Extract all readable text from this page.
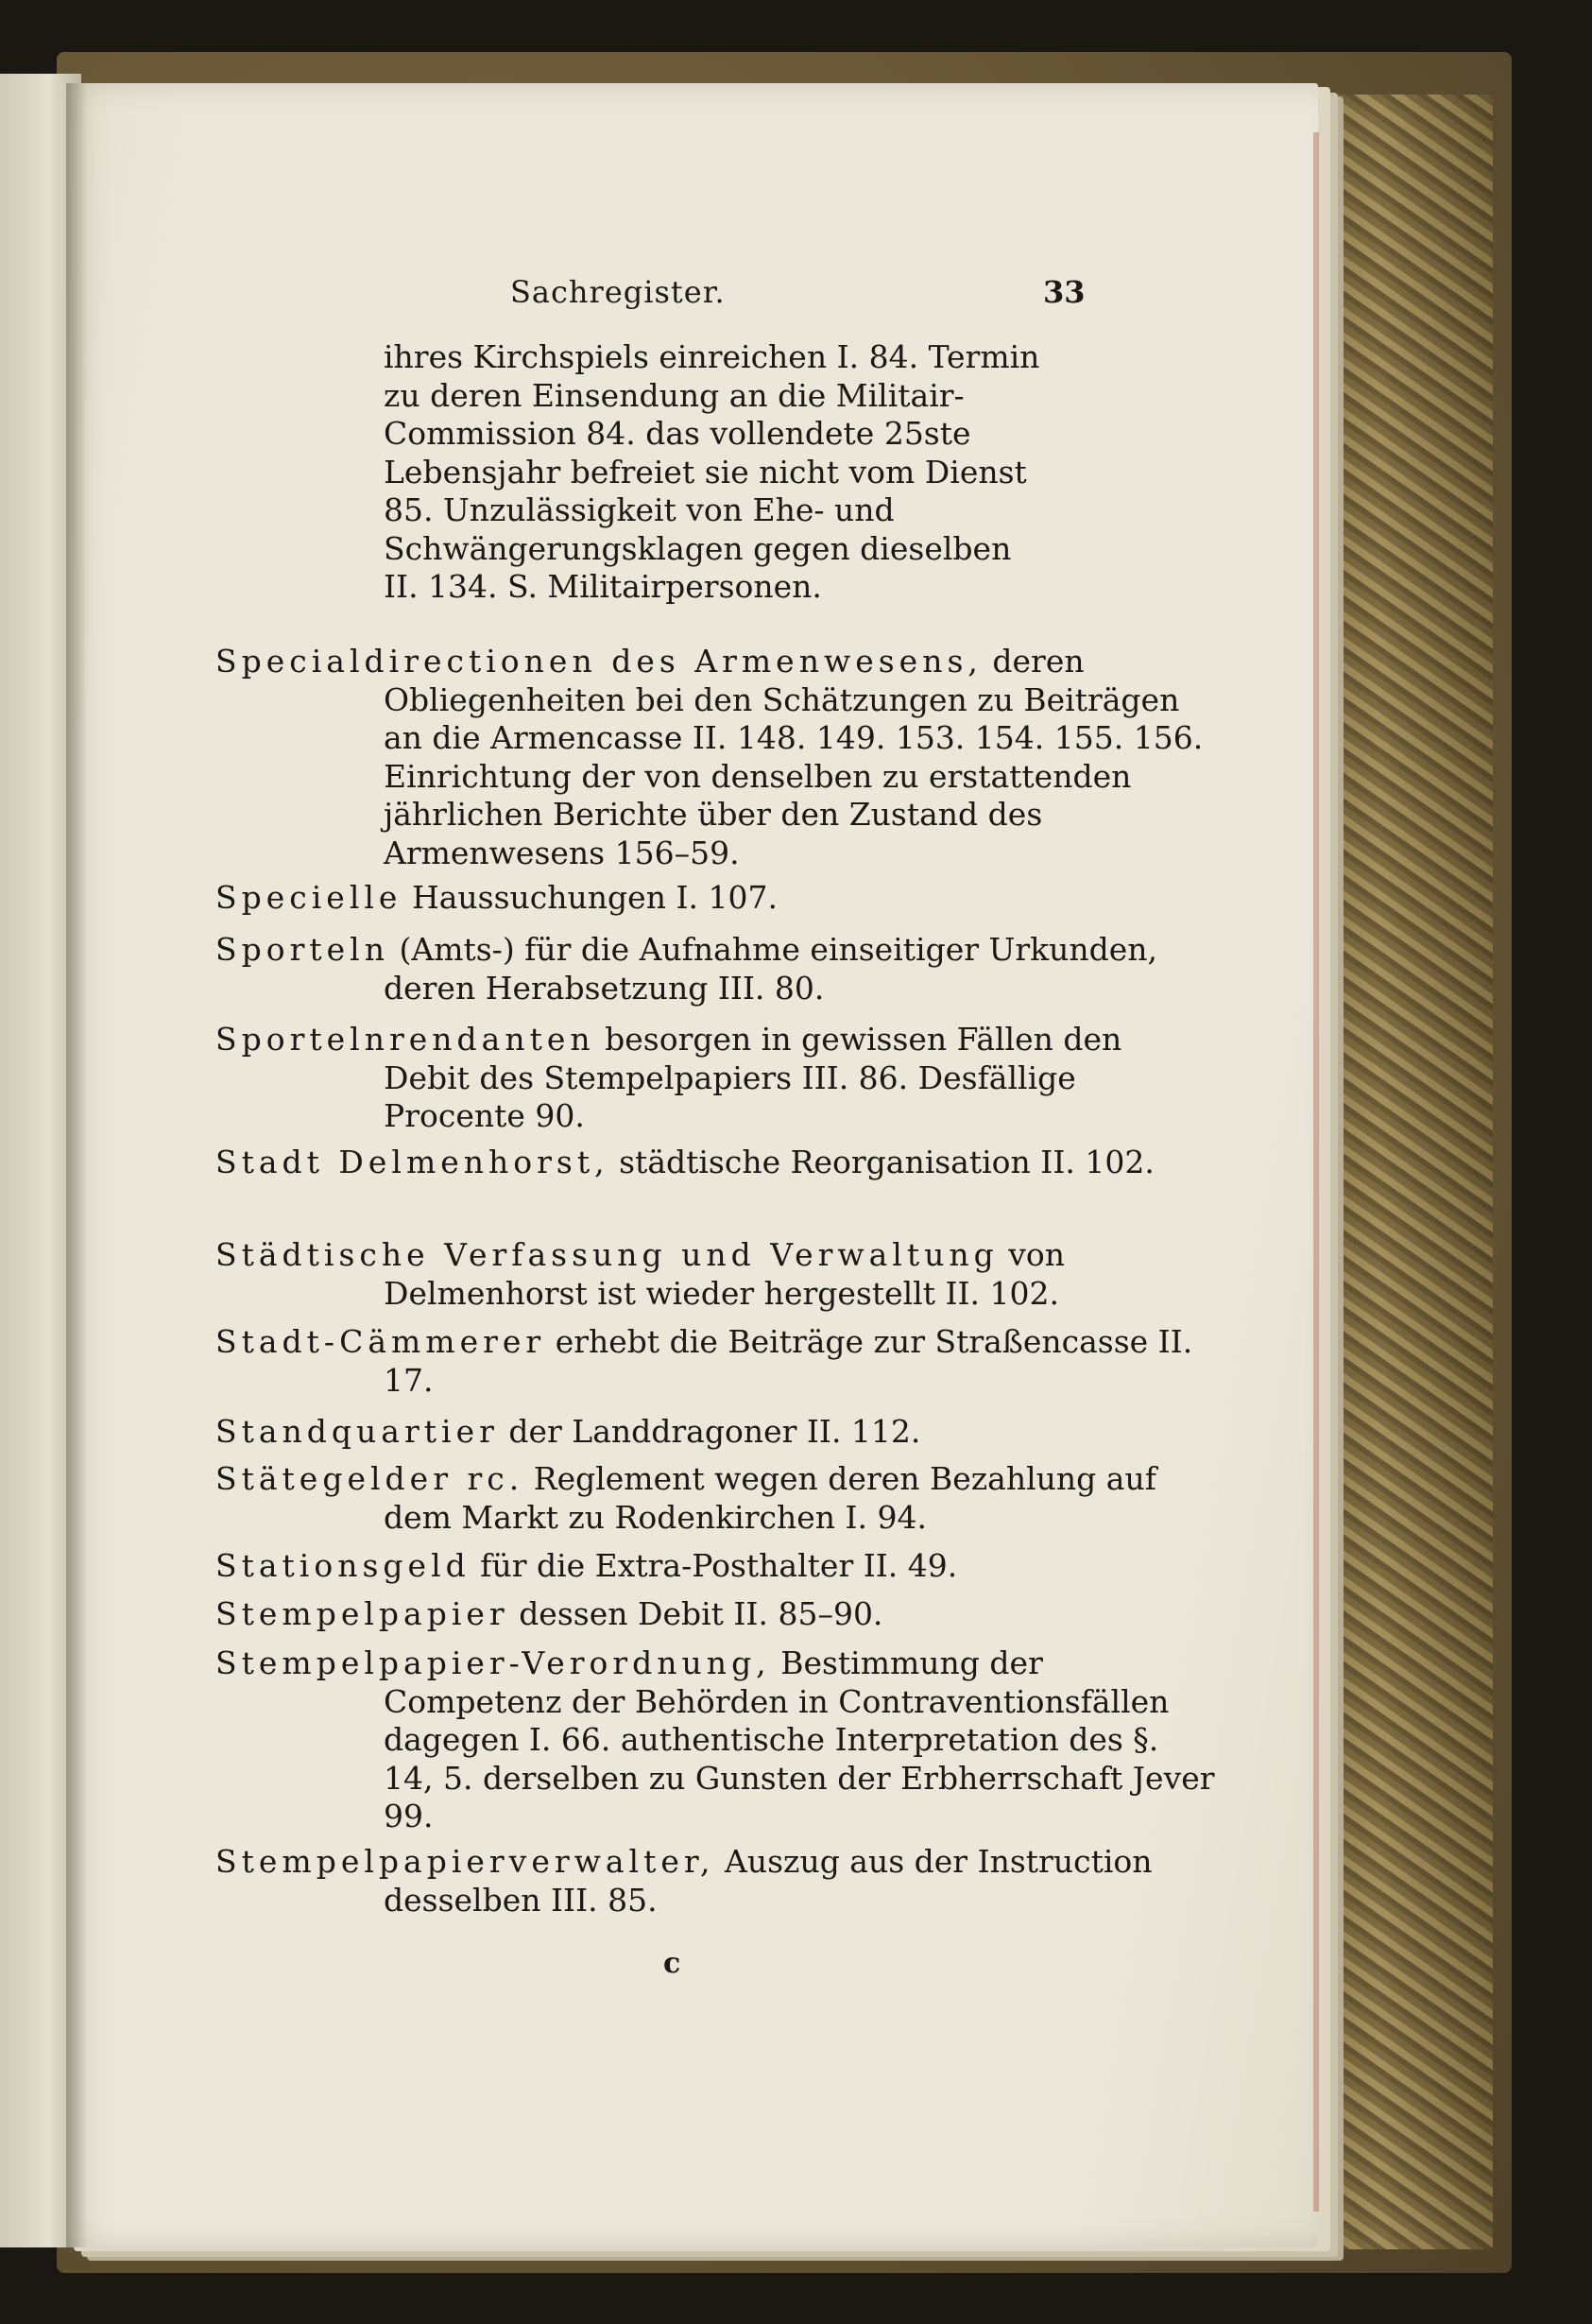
Sachregister.	33
ihres Kirchspiels einreichen I. 84. Termin zu deren Einsendung an die Militair-Commission 84. das vollendete 25ste Lebensjahr befreiet sie nicht vom Dienst 85. Unzulässigkeit von Ehe- und Schwängerungsklagen gegen dieselben II. 134. S. Militairpersonen.
Specialdirectionen des Armenwesens, deren Obliegenheiten bei den Schätzungen zu Beiträgen an die Armencasse II. 148. 149. 153. 154. 155. 156. Einrichtung der von denselben zu erstattenden jährlichen Berichte über den Zustand des Armenwesens 156–59.
Specielle Haussuchungen I. 107.
Sporteln (Amts-) für die Aufnahme einseitiger Urkunden, deren Herabsetzung III. 80.
Sportelnrendanten besorgen in gewissen Fällen den Debit des Stempelpapiers III. 86. Desfällige Procente 90.
Stadt Delmenhorst, städtische Reorganisation II. 102.
Städtische Verfassung und Verwaltung von Delmenhorst ist wieder hergestellt II. 102.
Stadt-Cämmerer erhebt die Beiträge zur Straßencasse II. 17.
Standquartier der Landdragoner II. 112.
Stätegelder rc. Reglement wegen deren Bezahlung auf dem Markt zu Rodenkirchen I. 94.
Stationsgeld für die Extra-Posthalter II. 49.
Stempelpapier dessen Debit II. 85–90.
Stempelpapier-Verordnung, Bestimmung der Competenz der Behörden in Contraventionsfällen dagegen I. 66. authentische Interpretation des §. 14, 5. derselben zu Gunsten der Erbherrschaft Jever 99.
Stempelpapierverwalter, Auszug aus der Instruction desselben III. 85.
c
